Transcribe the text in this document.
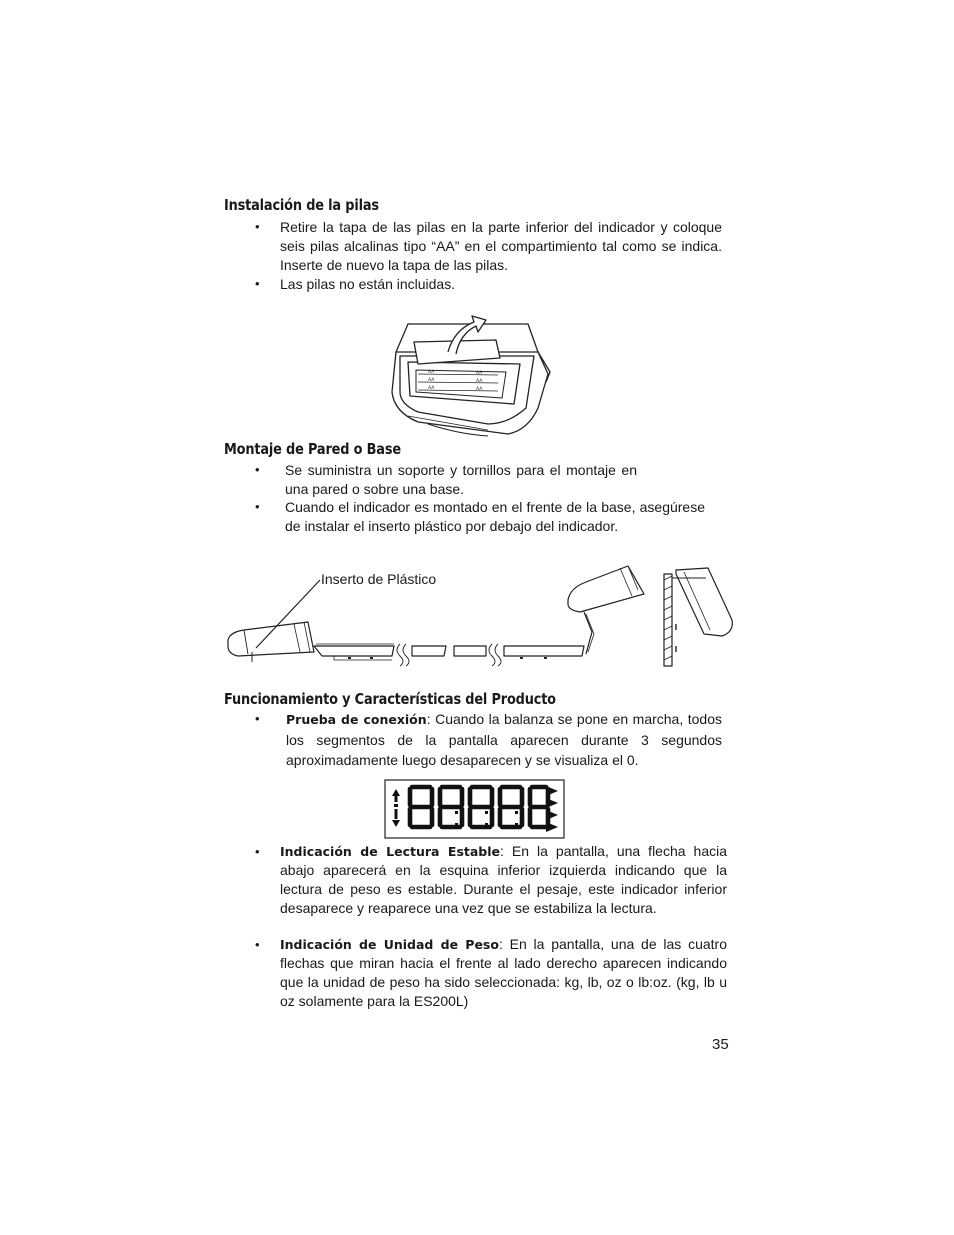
Instalación de la pilas
• Retire la tapa de las pilas en la parte inferior del indicador y coloque seis pilas alcalinas tipo “AA” en el compartimiento tal como se indica. Inserte de nuevo la tapa de las pilas.
• Las pilas no están incluidas.
AA
AA
AA
AA
AA
AA
Montaje de Pared o Base
• Se suministra un soporte y tornillos para el montaje en una pared o sobre una base.
• Cuando el indicador es montado en el frente de la base, asegúrese de instalar el inserto plástico por debajo del indicador.
Inserto de Plástico
Funcionamiento y Características del Producto
• Prueba de conexión: Cuando la balanza se pone en marcha, todos los segmentos de la pantalla aparecen durante 3 segundos aproximadamente luego desaparecen y se visualiza el 0.
• Indicación de Lectura Estable: En la pantalla, una flecha hacia abajo aparecerá en la esquina inferior izquierda indicando que la lectura de peso es estable. Durante el pesaje, este indicador inferior desaparece y reaparece una vez que se estabiliza la lectura.
• Indicación de Unidad de Peso: En la pantalla, una de las cuatro flechas que miran hacia el frente al lado derecho aparecen indicando que la unidad de peso ha sido seleccionada: kg, lb, oz o lb:oz. (kg, lb u oz solamente para la ES200L)
35
